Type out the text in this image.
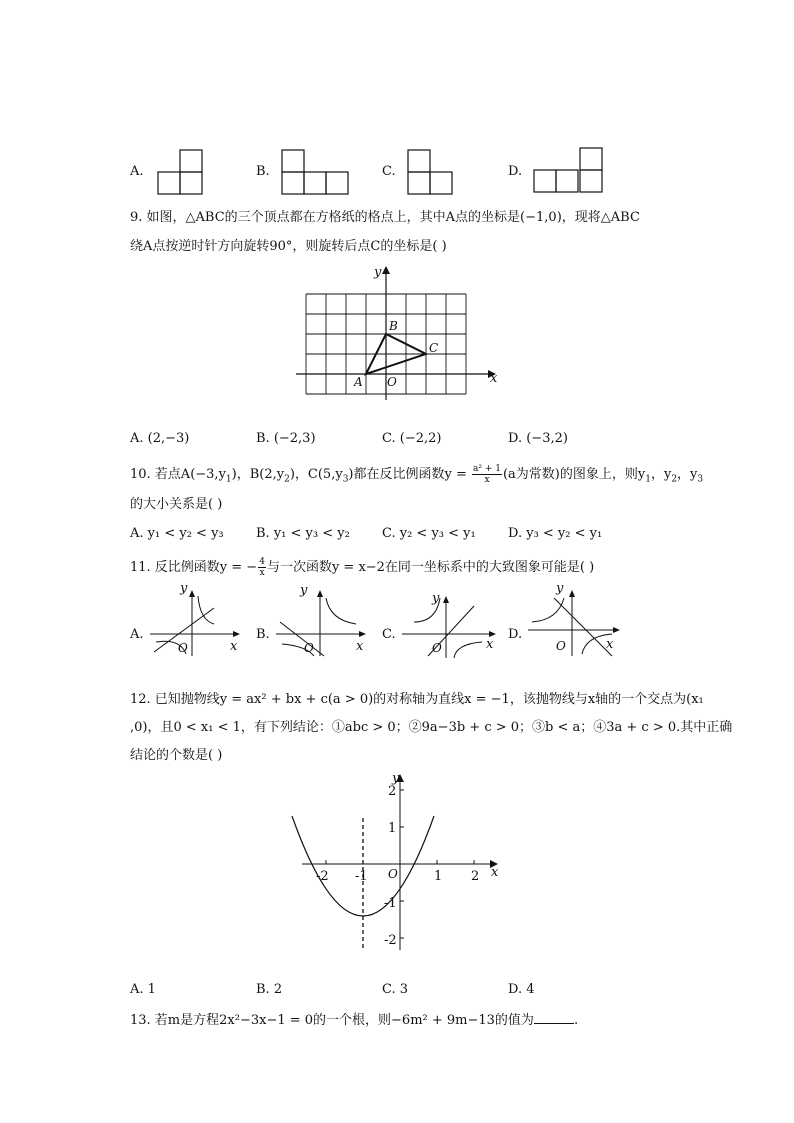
A.	B.	C.	D.
9. 如图，△ABC的三个顶点都在方格纸的格点上，其中A点的坐标是(−1,0)，现将△ABC
绕A点按逆时针方向旋转90°，则旋转后点C的坐标是( )
y
x
A
B
C
O
A. (2,−3)	B. (−2,3)	C. (−2,2)	D. (−3,2)
10. 若点$A(-3,y_1)$，$B(2,y_2)$，$C(5,y_3)$都在反比例函数$y = \frac{\text{a² + 1}}{x} (a$为常数)的图象上，则$y_1$，$y_2$，$y_3$
的大小关系是( )
A. y₁ < y₂ < y₃ B. y₁ < y₃ < y₂ C. y₂ < y₃ < y₁ D. y₃ < y₂ < y₁
11. 反比例函数y = − $\frac{4}{x}$ 与一次函数y = x−2在同一坐标系中的大致图象可能是( )
A.
y
x
O
B.
y
x
O
C.
y
x
O
D.
y
x
O
12. 已知抛物线y = ax² + bx + c(a > 0)的对称轴为直线x = −1，该抛物线与x轴的一个交点为(x₁
,0)，且0 < x₁ < 1，有下列结论：①abc > 0；②9a−3b + c > 0；③b < a；④3a + c > 0.其中正确
结论的个数是( )
y
x
O
-2 -1	1 2
2
1
-1
-2
A. 1	B. 2	C. 3	D. 4
13. 若m是方程2x²−3x−1 = 0的一个根，则−6m² + 9m−13的值为	.
